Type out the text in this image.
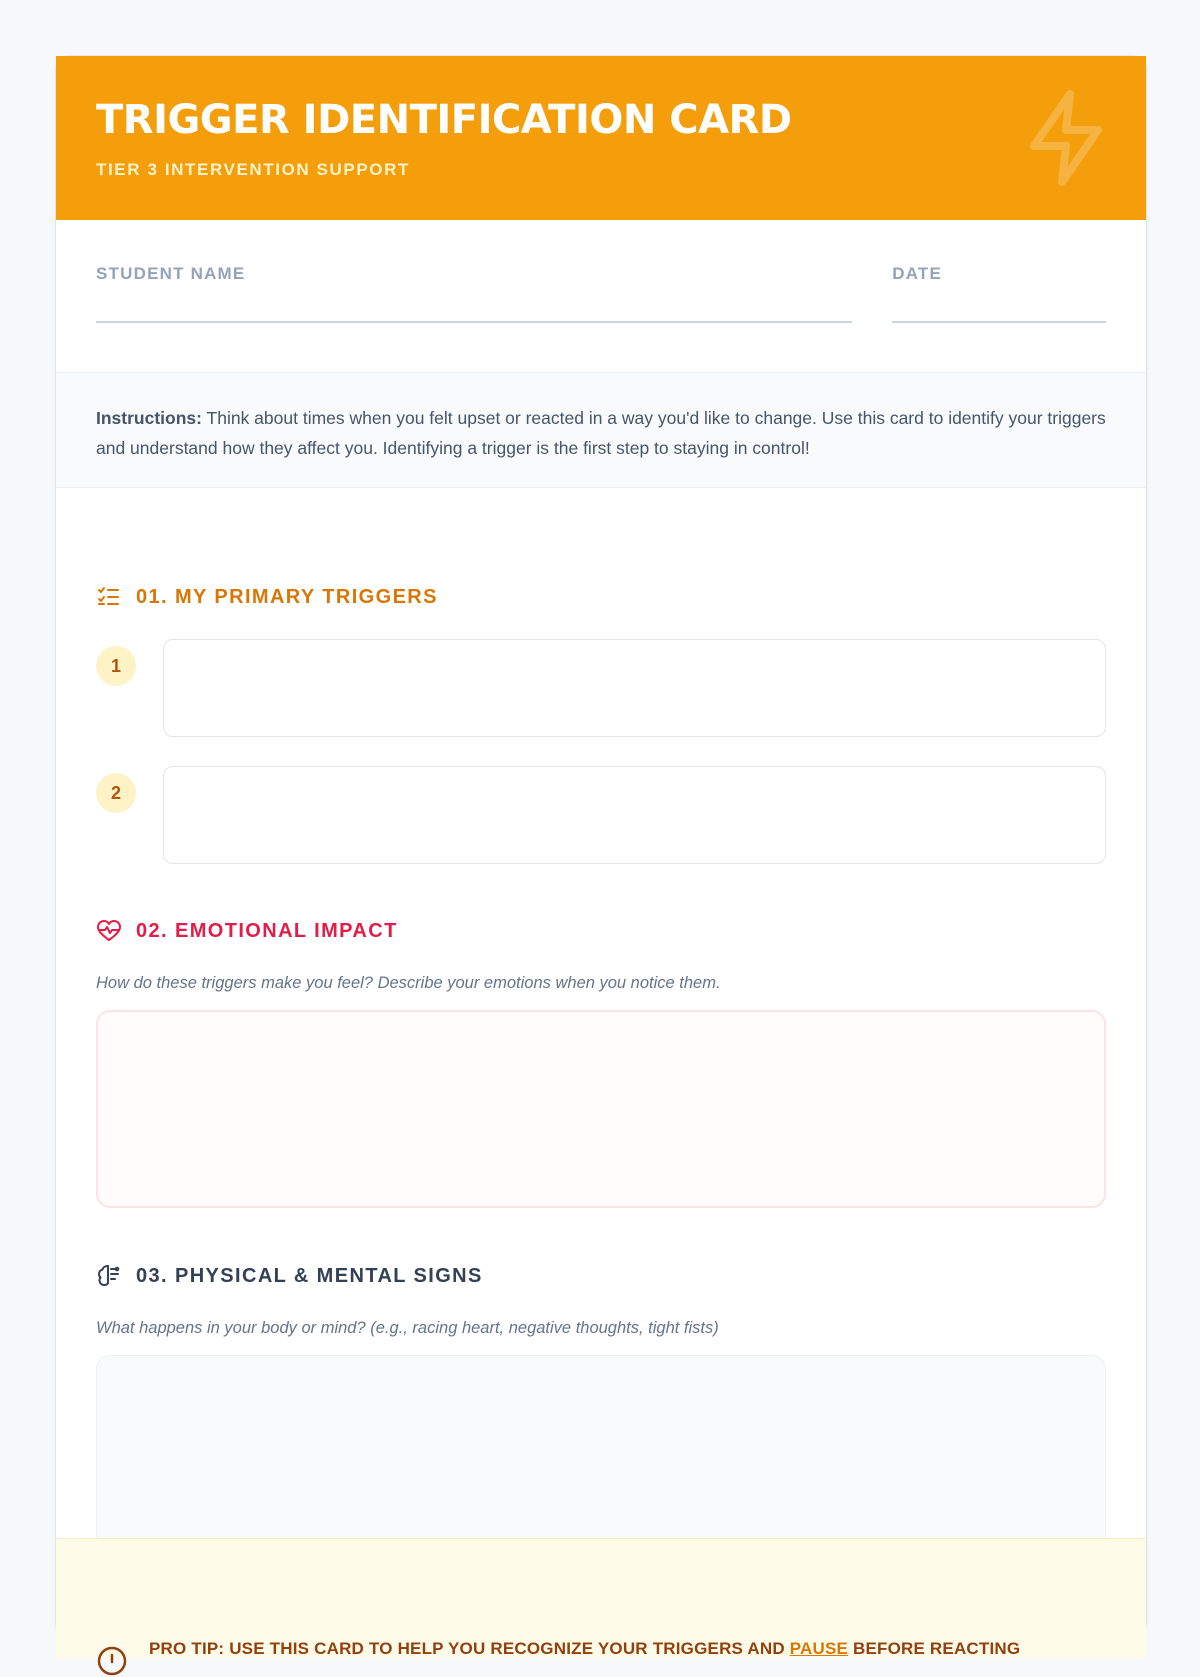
TRIGGER IDENTIFICATION CARD
TIER 3 INTERVENTION SUPPORT
STUDENT NAME	DATE
Instructions: Think about times when you felt upset or reacted in a way you'd like to change. Use this card to identify your triggers and understand how they affect you. Identifying a trigger is the first step to staying in control!
01. MY PRIMARY TRIGGERS
1
2
02. EMOTIONAL IMPACT
How do these triggers make you feel? Describe your emotions when you notice them.
03. PHYSICAL & MENTAL SIGNS
What happens in your body or mind? (e.g., racing heart, negative thoughts, tight fists)
PRO TIP: USE THIS CARD TO HELP YOU RECOGNIZE YOUR TRIGGERS AND PAUSE BEFORE REACTING
